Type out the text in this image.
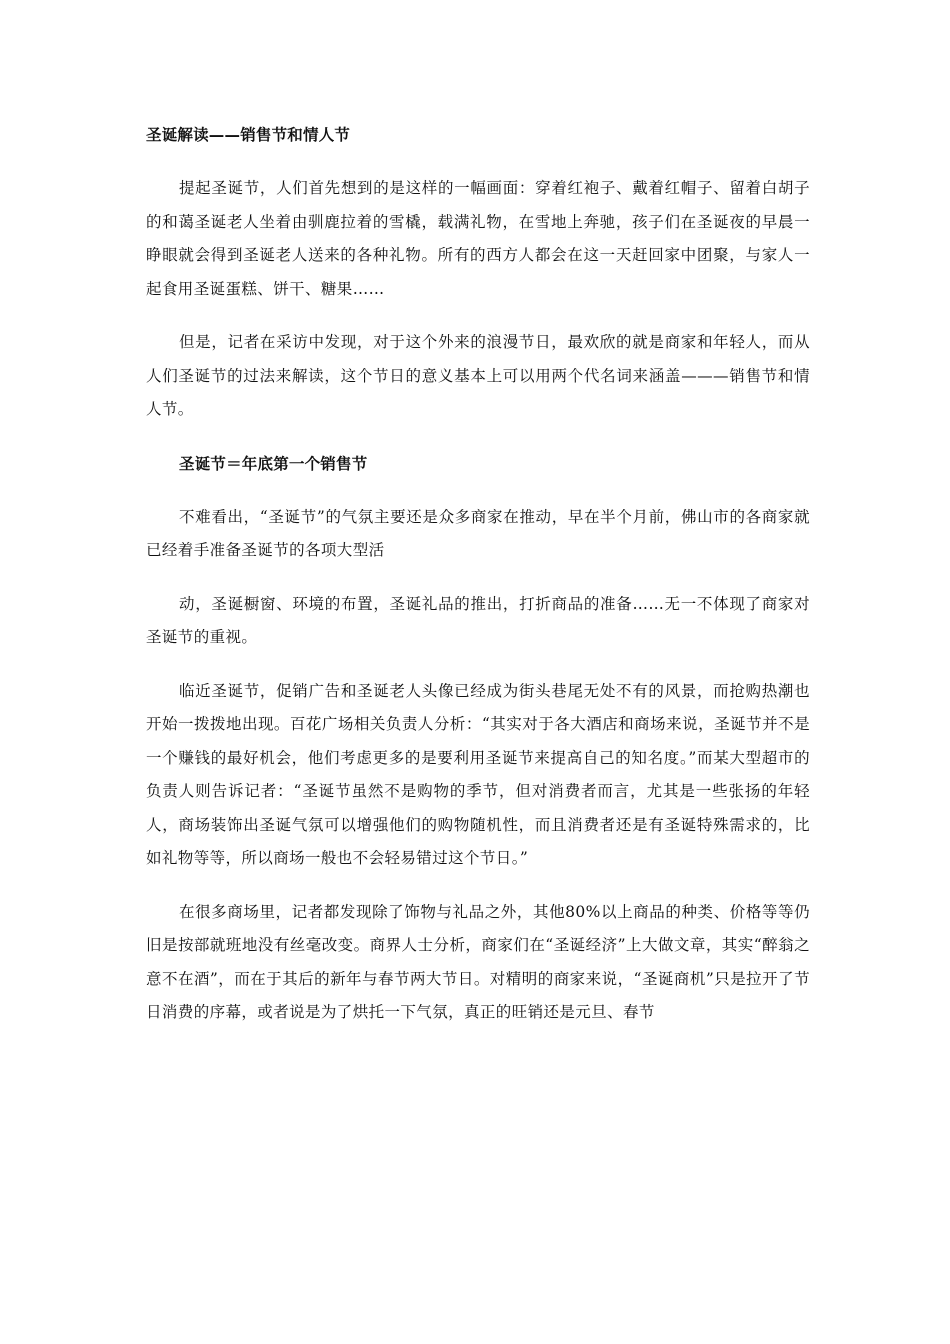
圣诞解读——销售节和情人节

提起圣诞节，人们首先想到的是这样的一幅画面：穿着红袍子、戴着红帽子、留着白胡子的和蔼圣诞老人坐着由驯鹿拉着的雪橇，载满礼物，在雪地上奔驰，孩子们在圣诞夜的早晨一睁眼就会得到圣诞老人送来的各种礼物。所有的西方人都会在这一天赶回家中团聚，与家人一起食用圣诞蛋糕、饼干、糖果……

但是，记者在采访中发现，对于这个外来的浪漫节日，最欢欣的就是商家和年轻人，而从人们圣诞节的过法来解读，这个节日的意义基本上可以用两个代名词来涵盖———销售节和情人节。

圣诞节＝年底第一个销售节

不难看出，“圣诞节”的气氛主要还是众多商家在推动，早在半个月前，佛山市的各商家就已经着手准备圣诞节的各项大型活

动，圣诞橱窗、环境的布置，圣诞礼品的推出，打折商品的准备……无一不体现了商家对圣诞节的重视。

临近圣诞节，促销广告和圣诞老人头像已经成为街头巷尾无处不有的风景，而抢购热潮也开始一拨拨地出现。百花广场相关负责人分析：“其实对于各大酒店和商场来说，圣诞节并不是一个赚钱的最好机会，他们考虑更多的是要利用圣诞节来提高自己的知名度。”而某大型超市的负责人则告诉记者：“圣诞节虽然不是购物的季节，但对消费者而言，尤其是一些张扬的年轻人，商场装饰出圣诞气氛可以增强他们的购物随机性，而且消费者还是有圣诞特殊需求的，比如礼物等等，所以商场一般也不会轻易错过这个节日。”

在很多商场里，记者都发现除了饰物与礼品之外，其他80%以上商品的种类、价格等等仍旧是按部就班地没有丝毫改变。商界人士分析，商家们在“圣诞经济”上大做文章，其实“醉翁之意不在酒”，而在于其后的新年与春节两大节日。对精明的商家来说，“圣诞商机”只是拉开了节日消费的序幕，或者说是为了烘托一下气氛，真正的旺销还是元旦、春节
